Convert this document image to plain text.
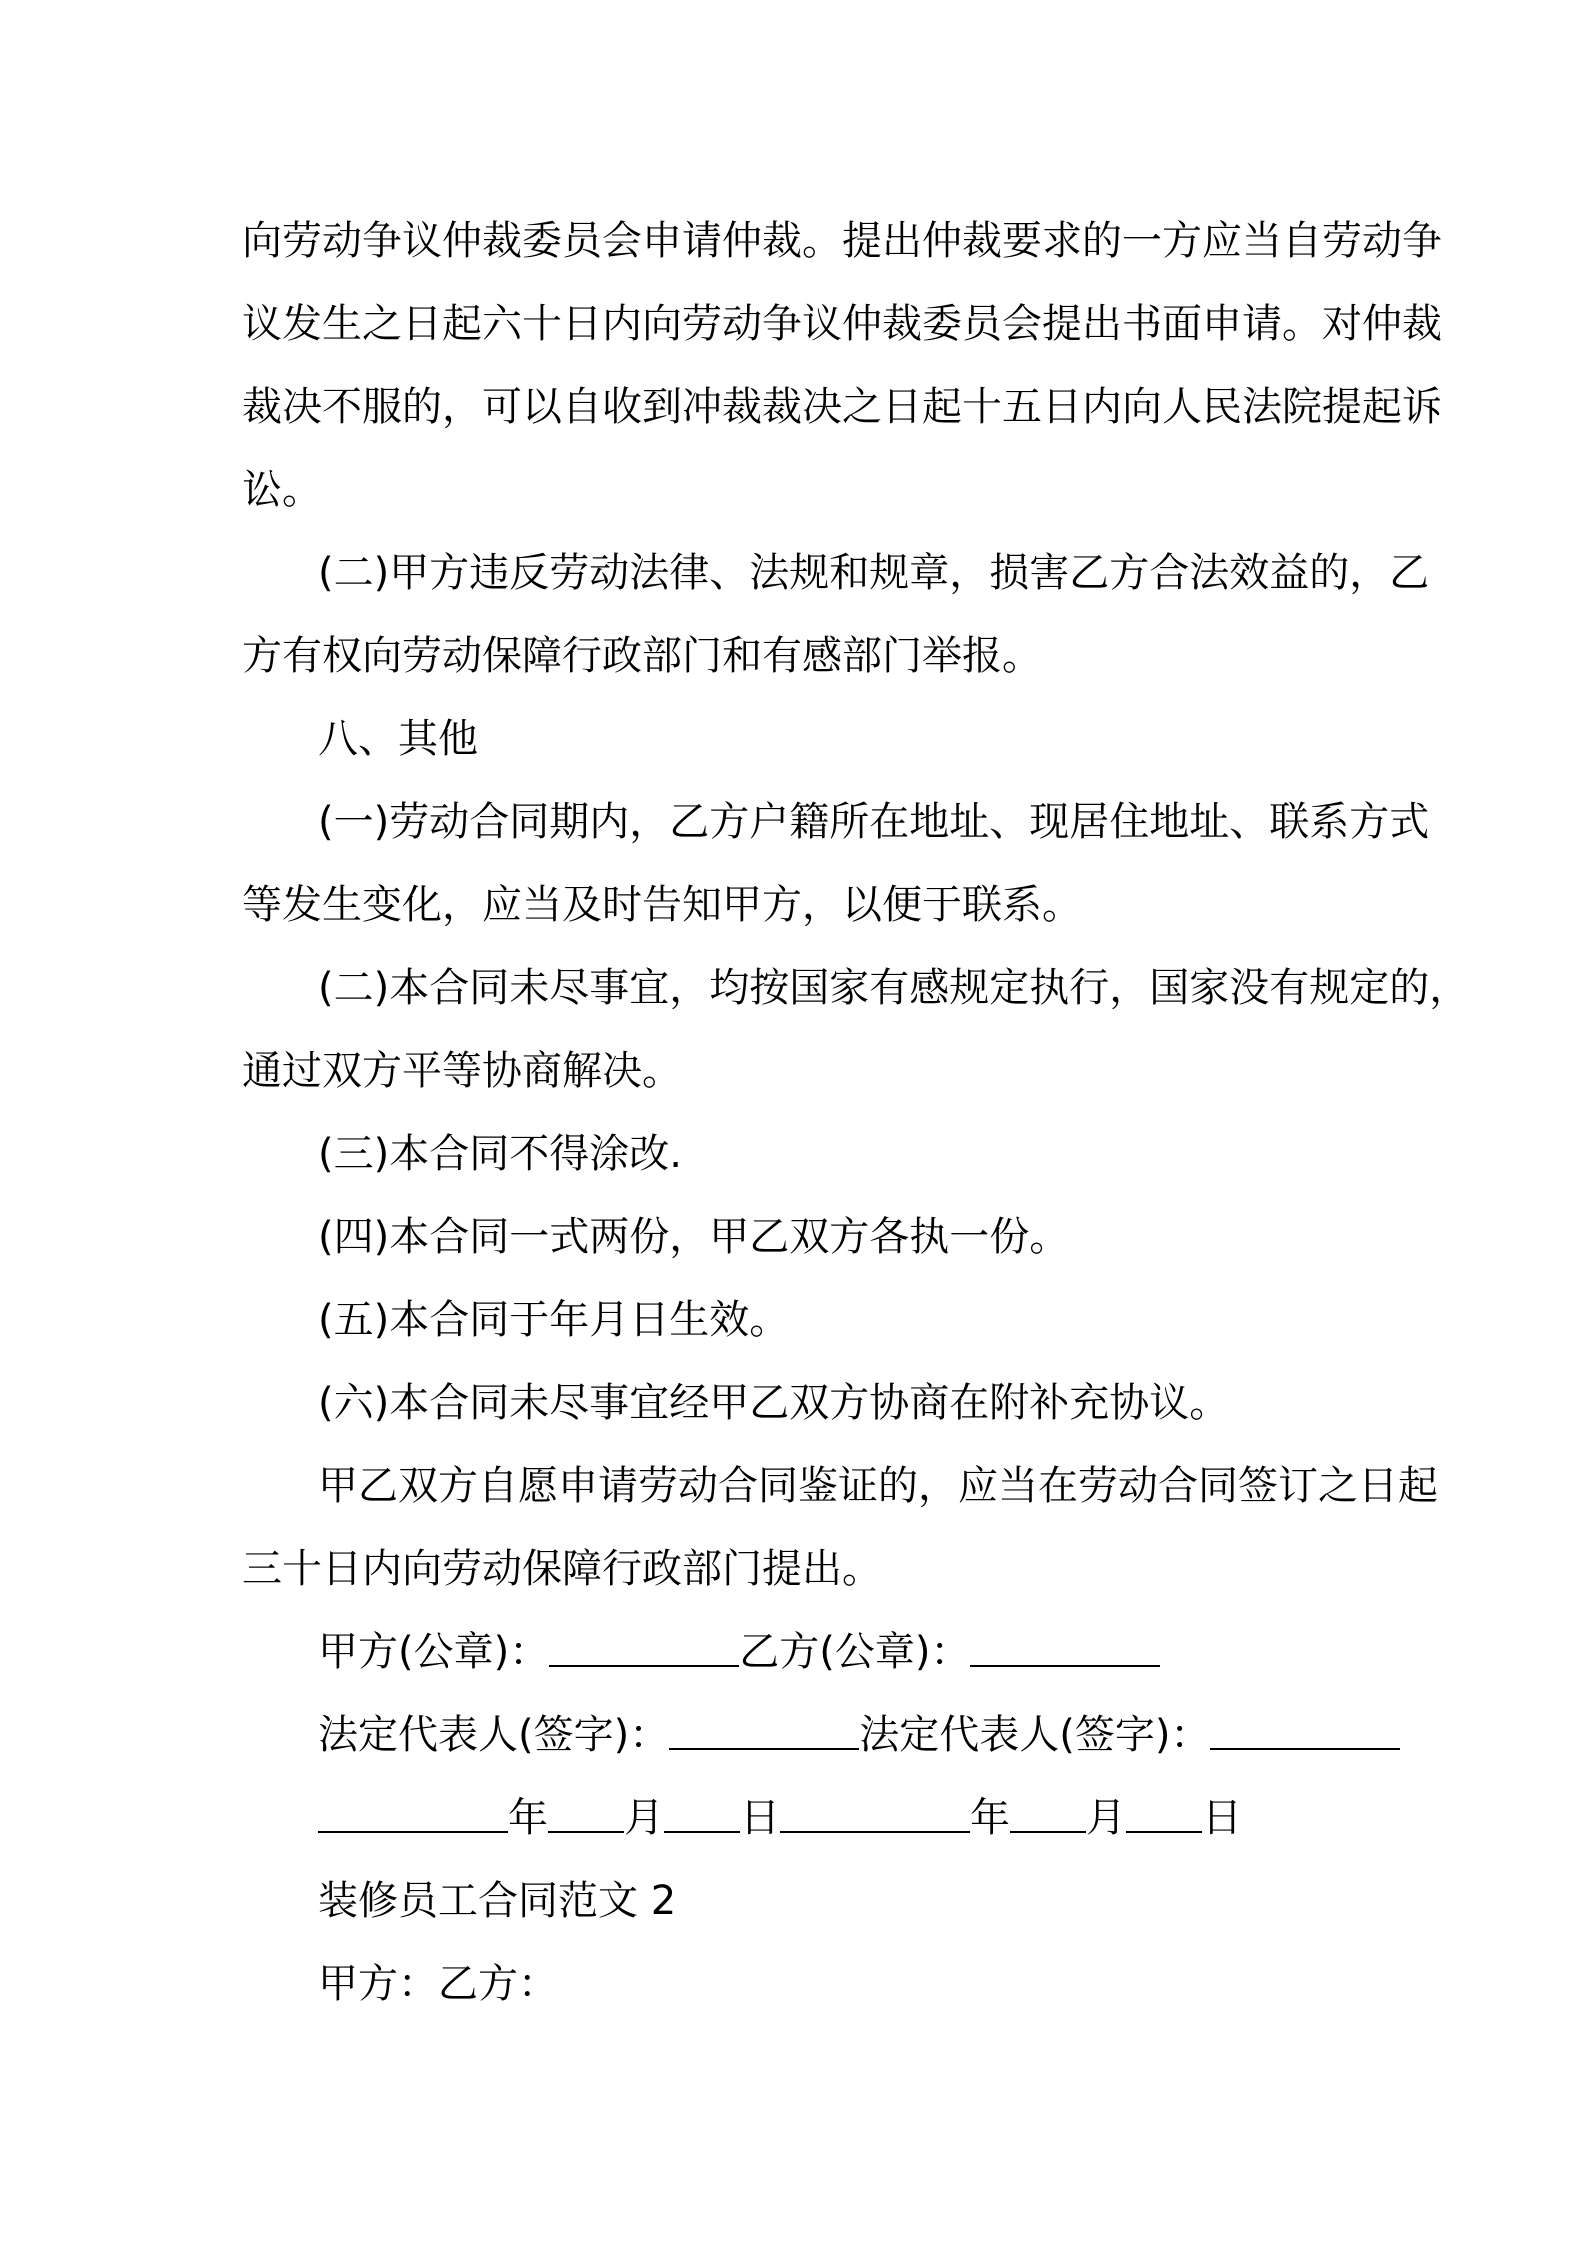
向劳动争议仲裁委员会申请仲裁。提出仲裁要求的一方应当自劳动争
议发生之日起六十日内向劳动争议仲裁委员会提出书面申请。对仲裁
裁决不服的，可以自收到冲裁裁决之日起十五日内向人民法院提起诉
讼。
(二)甲方违反劳动法律、法规和规章，损害乙方合法效益的，乙
方有权向劳动保障行政部门和有感部门举报。
八、其他
(一)劳动合同期内，乙方户籍所在地址、现居住地址、联系方式
等发生变化，应当及时告知甲方，以便于联系。
(二)本合同未尽事宜，均按国家有感规定执行，国家没有规定的，
通过双方平等协商解决。
(三)本合同不得涂改.
(四)本合同一式两份，甲乙双方各执一份。
(五)本合同于年月日生效。
(六)本合同未尽事宜经甲乙双方协商在附补充协议。
甲乙双方自愿申请劳动合同鉴证的，应当在劳动合同签订之日起
三十日内向劳动保障行政部门提出。
甲方(公章)：	乙方(公章)：
法定代表人(签字)：	法定代表人(签字)：
年 月 日	年 月 日
装修员工合同范文 2
甲方：乙方：
